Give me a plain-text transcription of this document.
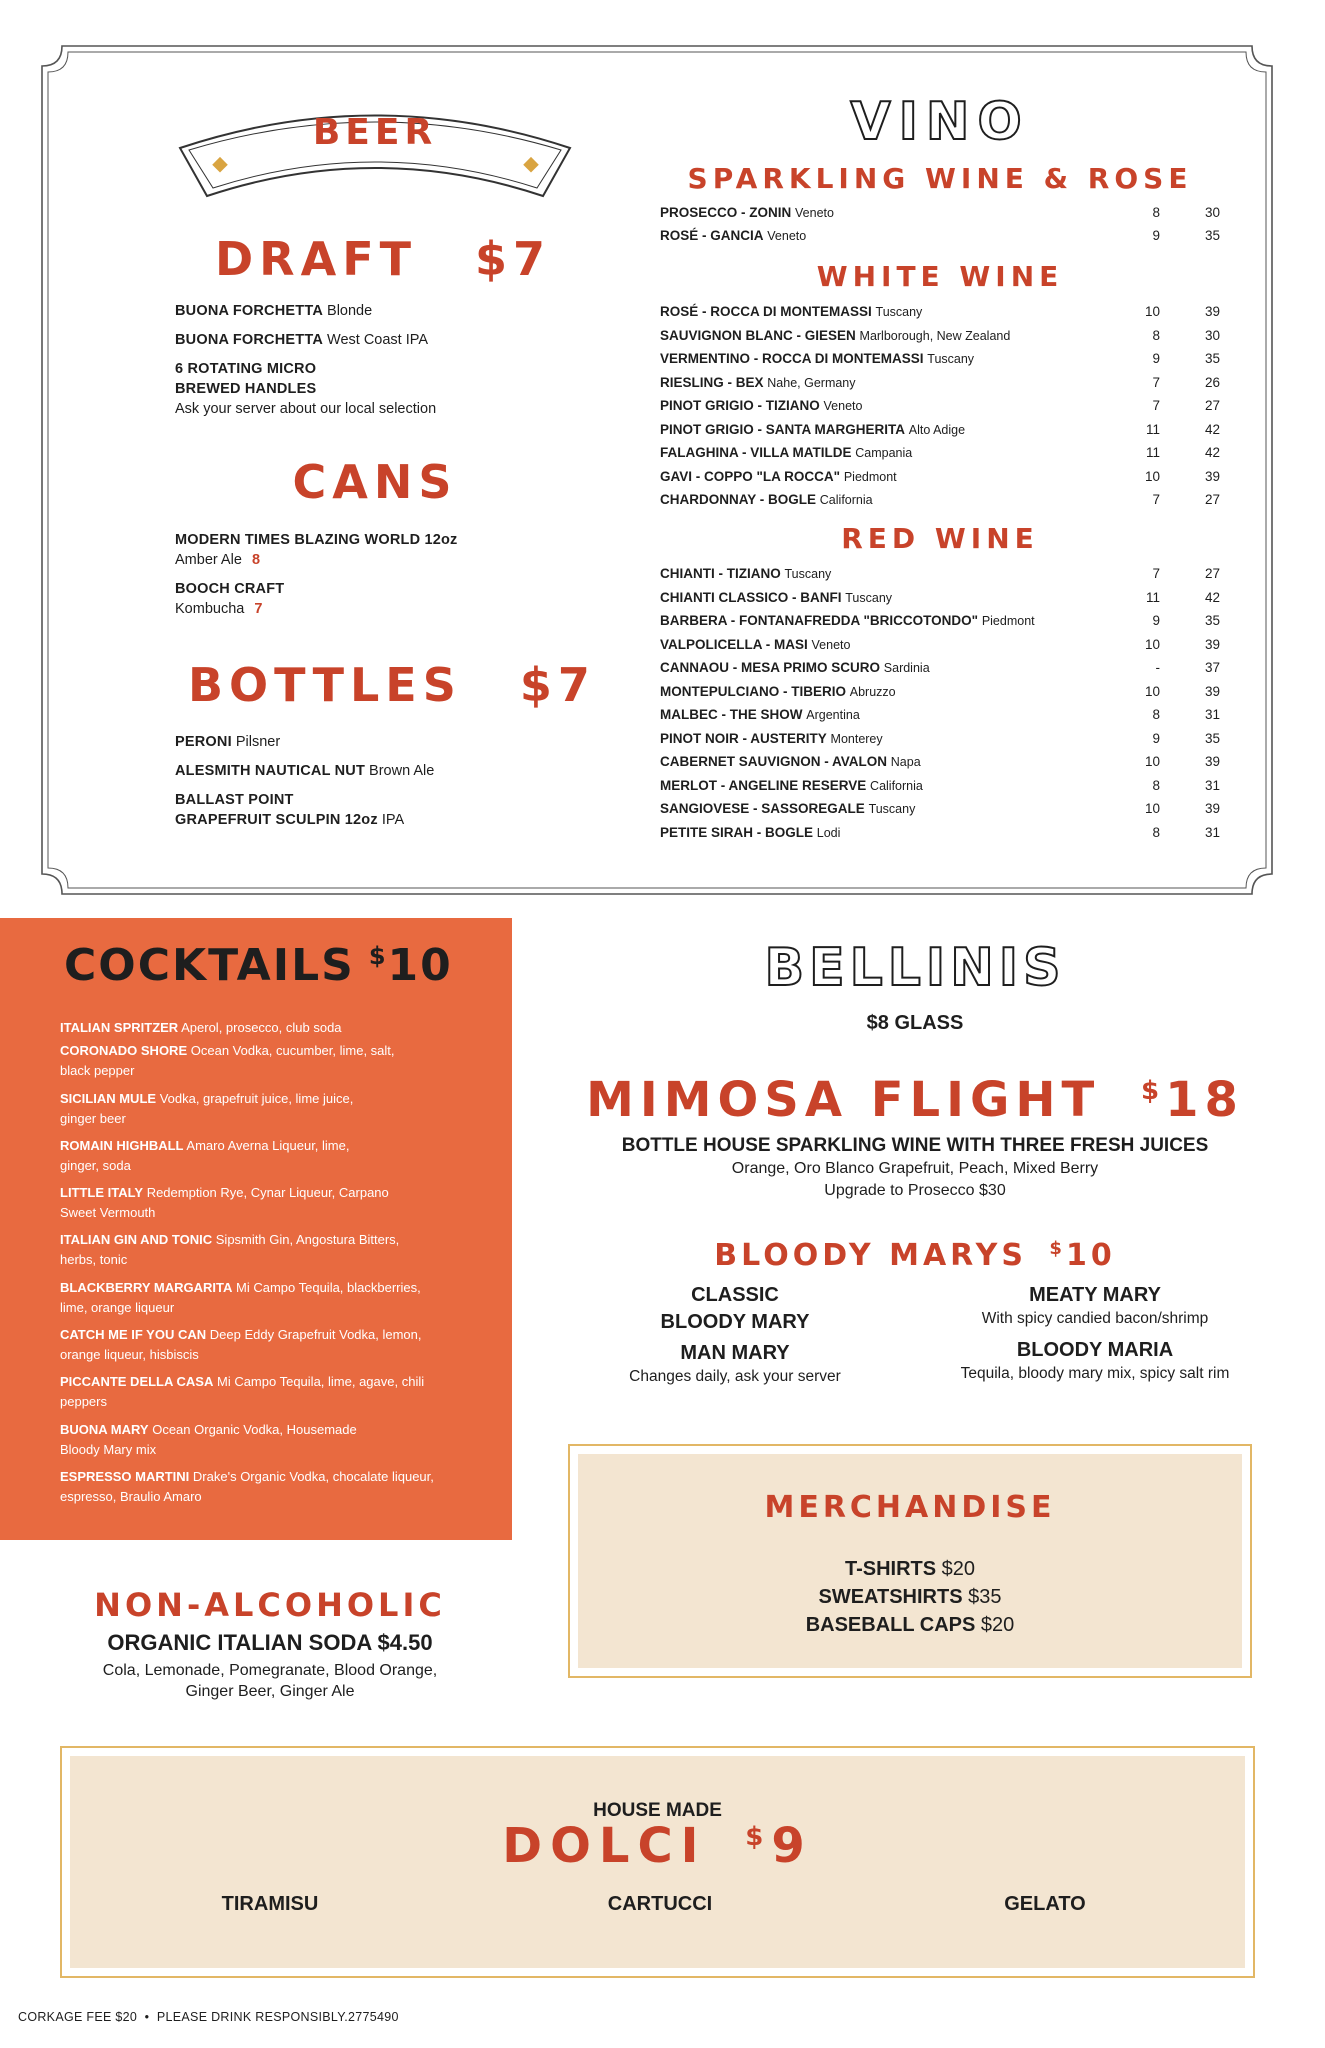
BEER
DRAFT $7
BUONA FORCHETTA Blonde
BUONA FORCHETTA West Coast IPA
6 ROTATING MICRO
BREWED HANDLES
Ask your server about our local selection
CANS
MODERN TIMES BLAZING WORLD 12oz
Amber Ale 8
BOOCH CRAFT
Kombucha 7
BOTTLES $7
PERONI Pilsner
ALESMITH NAUTICAL NUT Brown Ale
BALLAST POINT
GRAPEFRUIT SCULPIN 12oz IPA
VINO
SPARKLING WINE & ROSE
PROSECCO - ZONIN Veneto	8	30
ROSÉ - GANCIA Veneto	9	35
WHITE WINE
ROSÉ - ROCCA DI MONTEMASSI Tuscany	10	39
SAUVIGNON BLANC - GIESEN Marlborough, New Zealand	8	30
VERMENTINO - ROCCA DI MONTEMASSI Tuscany	9	35
RIESLING - BEX Nahe, Germany	7	26
PINOT GRIGIO - TIZIANO Veneto	7	27
PINOT GRIGIO - SANTA MARGHERITA Alto Adige	11	42
FALAGHINA - VILLA MATILDE Campania	11	42
GAVI - COPPO "LA ROCCA" Piedmont	10	39
CHARDONNAY - BOGLE California	7	27
RED WINE
CHIANTI - TIZIANO Tuscany	7	27
CHIANTI CLASSICO - BANFI Tuscany	11	42
BARBERA - FONTANAFREDDA "BRICCOTONDO" Piedmont	9	35
VALPOLICELLA - MASI Veneto	10	39
CANNAOU - MESA PRIMO SCURO Sardinia	-	37
MONTEPULCIANO - TIBERIO Abruzzo	10	39
MALBEC - THE SHOW Argentina	8	31
PINOT NOIR - AUSTERITY Monterey	9	35
CABERNET SAUVIGNON - AVALON Napa	10	39
MERLOT - ANGELINE RESERVE California	8	31
SANGIOVESE - SASSOREGALE Tuscany	10	39
PETITE SIRAH - BOGLE Lodi	8	31
COCKTAILS $10
ITALIAN SPRITZER Aperol, prosecco, club soda

CORONADO SHORE Ocean Vodka, cucumber, lime, salt,
black pepper
SICILIAN MULE Vodka, grapefruit juice, lime juice,
ginger beer
ROMAIN HIGHBALL Amaro Averna Liqueur, lime,
ginger, soda
LITTLE ITALY Redemption Rye, Cynar Liqueur, Carpano
Sweet Vermouth
ITALIAN GIN AND TONIC Sipsmith Gin, Angostura Bitters,
herbs, tonic
BLACKBERRY MARGARITA Mi Campo Tequila, blackberries,
lime, orange liqueur
CATCH ME IF YOU CAN Deep Eddy Grapefruit Vodka, lemon,
orange liqueur, hisbiscis
PICCANTE DELLA CASA Mi Campo Tequila, lime, agave, chili
peppers
BUONA MARY Ocean Organic Vodka, Housemade
Bloody Mary mix
ESPRESSO MARTINI Drake's Organic Vodka, chocalate liqueur,
espresso, Braulio Amaro
NON-ALCOHOLIC
ORGANIC ITALIAN SODA $4.50
Cola, Lemonade, Pomegranate, Blood Orange,
Ginger Beer, Ginger Ale
BELLINIS
$8 GLASS
MIMOSA FLIGHT $18
BOTTLE HOUSE SPARKLING WINE WITH THREE FRESH JUICES
Orange, Oro Blanco Grapefruit, Peach, Mixed Berry
Upgrade to Prosecco $30
BLOODY MARYS $10
CLASSIC
BLOODY MARY
MAN MARY
Changes daily, ask your server
MEATY MARY
With spicy candied bacon/shrimp
BLOODY MARIA
Tequila, bloody mary mix, spicy salt rim
MERCHANDISE
T-SHIRTS $20
SWEATSHIRTS $35
BASEBALL CAPS $20
HOUSE MADE
DOLCI $9
TIRAMISU	CARTUCCI	GELATO
CORKAGE FEE $20  •  PLEASE DRINK RESPONSIBLY.2775490
